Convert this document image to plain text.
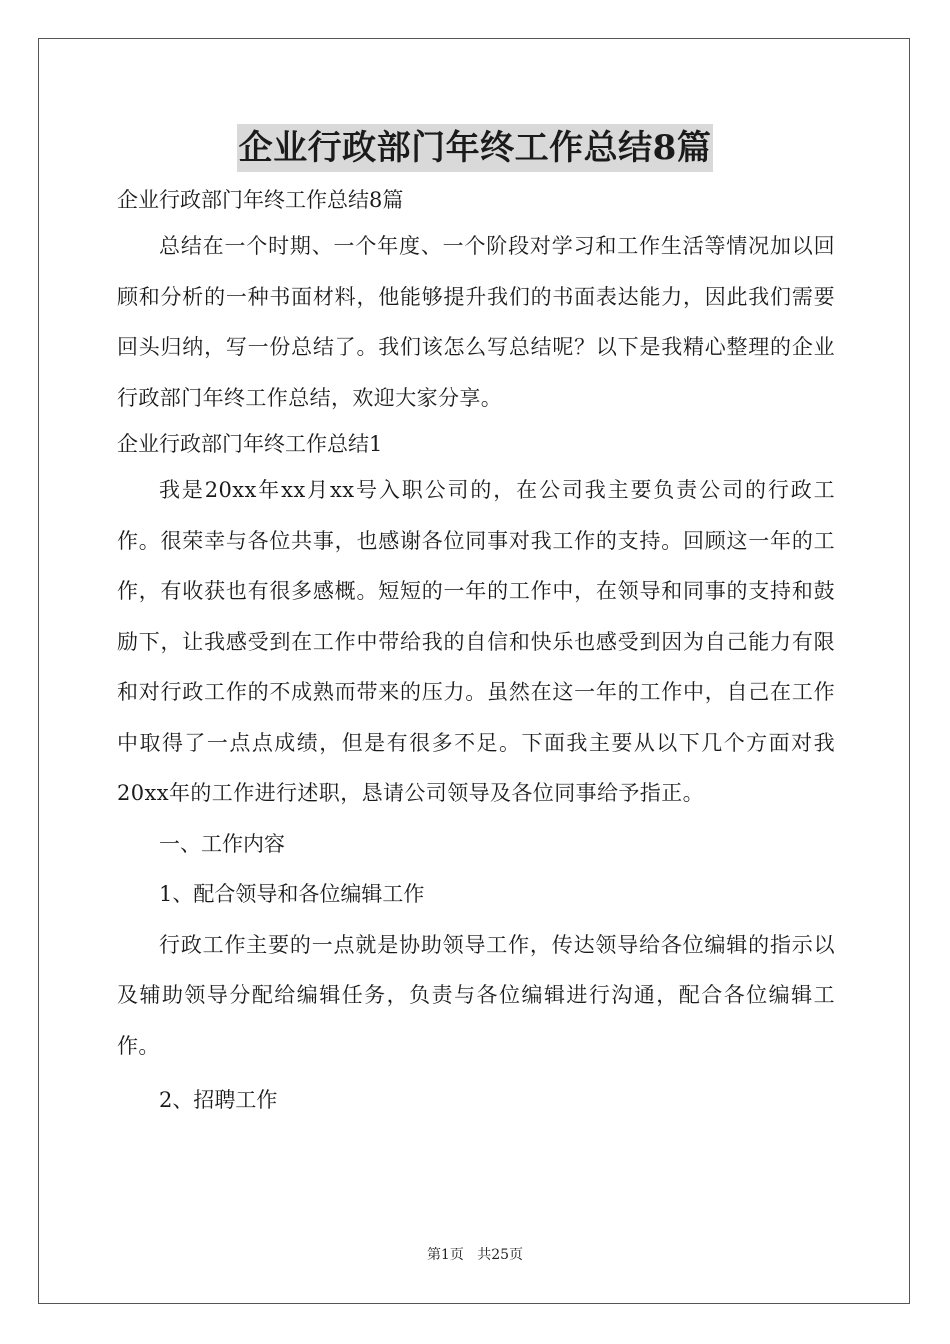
企业行政部门年终工作总结8篇

企业行政部门年终工作总结8篇

总结在一个时期、一个年度、一个阶段对学习和工作生活等情况加以回顾和分析的一种书面材料，他能够提升我们的书面表达能力，因此我们需要回头归纳，写一份总结了。我们该怎么写总结呢？以下是我精心整理的企业行政部门年终工作总结，欢迎大家分享。

企业行政部门年终工作总结1

我是20xx年xx月xx号入职公司的，在公司我主要负责公司的行政工作。很荣幸与各位共事，也感谢各位同事对我工作的支持。回顾这一年的工作，有收获也有很多感概。短短的一年的工作中，在领导和同事的支持和鼓励下，让我感受到在工作中带给我的自信和快乐也感受到因为自己能力有限和对行政工作的不成熟而带来的压力。虽然在这一年的工作中，自己在工作中取得了一点点成绩，但是有很多不足。下面我主要从以下几个方面对我20xx年的工作进行述职，恳请公司领导及各位同事给予指正。

一、工作内容

1、配合领导和各位编辑工作

行政工作主要的一点就是协助领导工作，传达领导给各位编辑的指示以及辅助领导分配给编辑任务，负责与各位编辑进行沟通，配合各位编辑工作。

2、招聘工作

第1页 共25页
